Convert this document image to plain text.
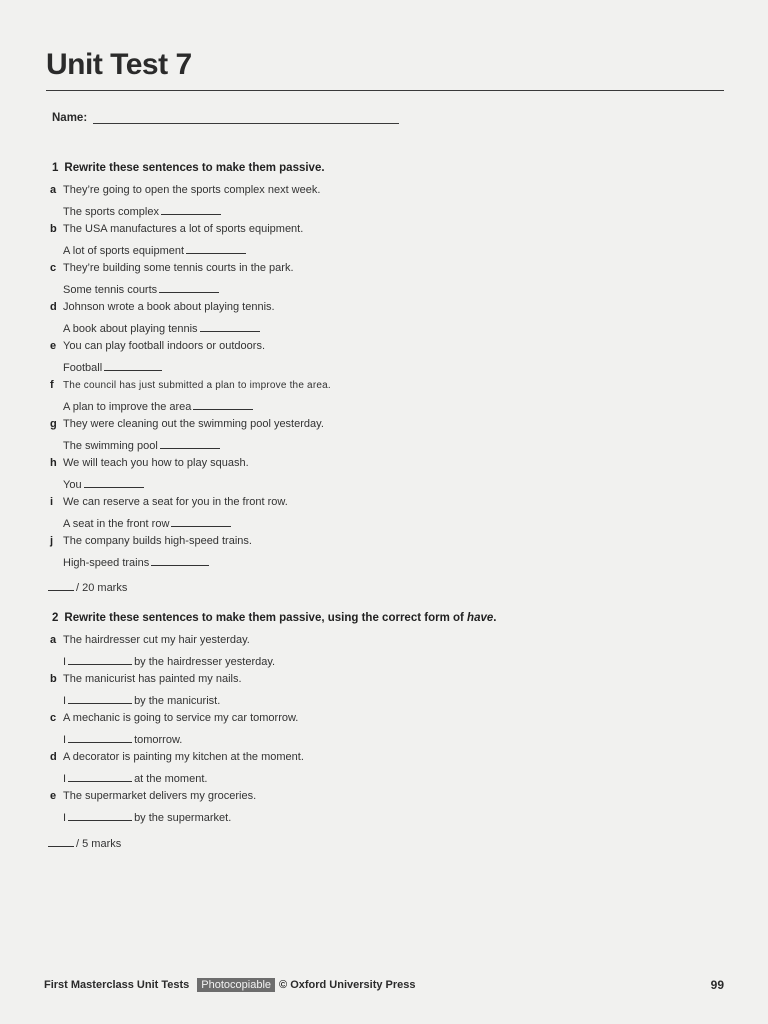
Unit Test 7
Name:
1 Rewrite these sentences to make them passive.
a They’re going to open the sports complex next week.
The sports complex
b The USA manufactures a lot of sports equipment.
A lot of sports equipment
c They’re building some tennis courts in the park.
Some tennis courts
d Johnson wrote a book about playing tennis.
A book about playing tennis
e You can play football indoors or outdoors.
Football
f The council has just submitted a plan to improve the area.
A plan to improve the area
g They were cleaning out the swimming pool yesterday.
The swimming pool
h We will teach you how to play squash.
You
i We can reserve a seat for you in the front row.
A seat in the front row
j The company builds high-speed trains.
High-speed trains
/ 20 marks
2 Rewrite these sentences to make them passive, using the correct form of have.
a The hairdresser cut my hair yesterday.
I	by the hairdresser yesterday.
b The manicurist has painted my nails.
I	by the manicurist.
c A mechanic is going to service my car tomorrow.
I	tomorrow.
d A decorator is painting my kitchen at the moment.
I	at the moment.
e The supermarket delivers my groceries.
I	by the supermarket.
/ 5 marks
First Masterclass Unit Tests	Photocopiable © Oxford University Press	99
